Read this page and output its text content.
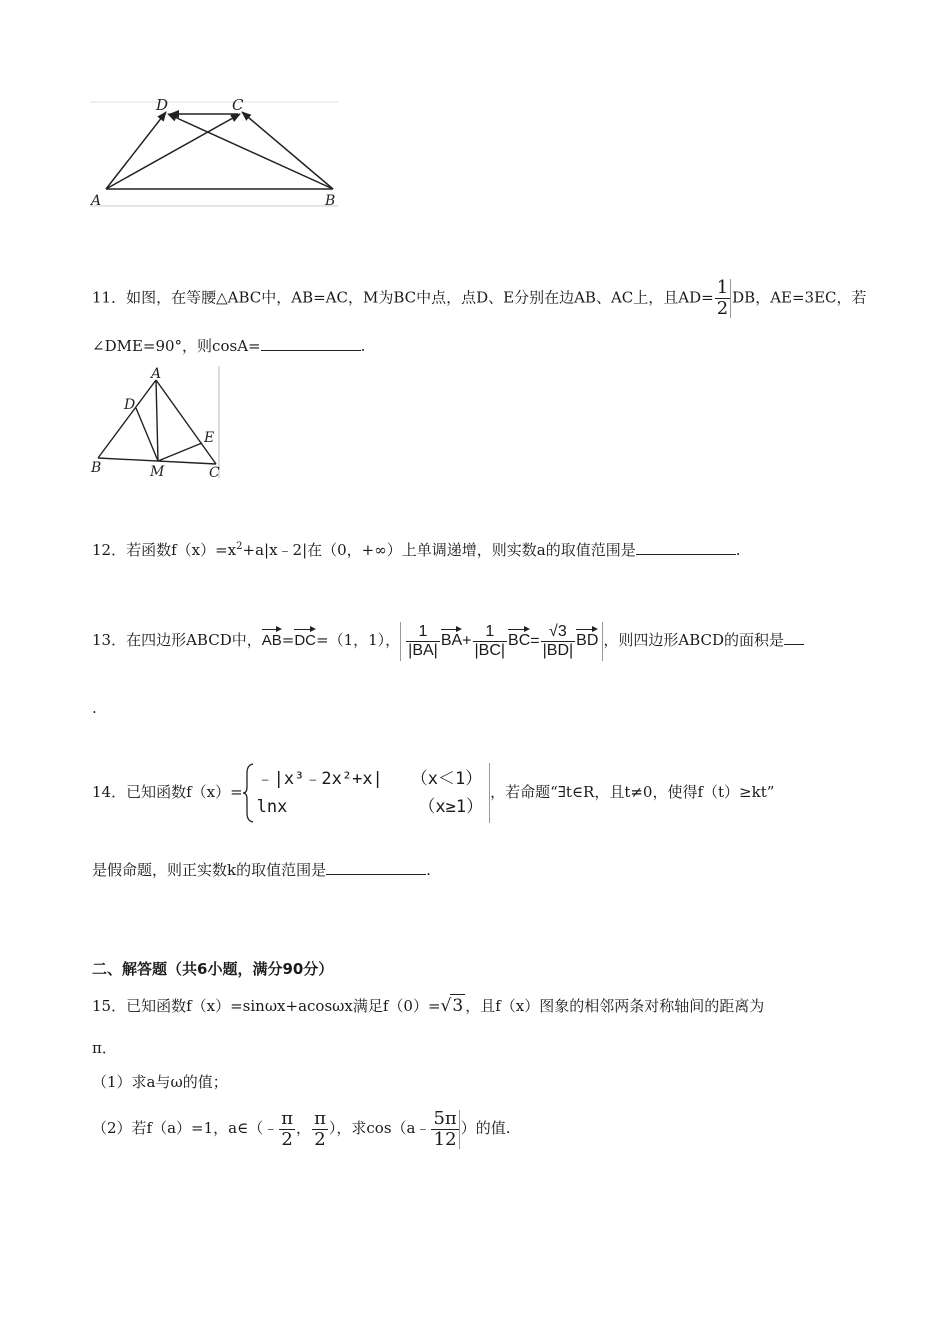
D	C
A	B
11．如图，在等腰△ABC中，AB=AC，M为BC中点，点D、E分别在边AB、AC上，且$AD= \frac{1}{2}$ DB，AE=3EC，若
∠DME=90°，则cosA=	.
A
D
E
B	M	C
12．若函数$f(x)=x^2+a|x﹣2|$在（0，+∞）上单调递增，则实数a的取值范围是	.
13．在四边形ABCD中，AB=DC=（1，1）， $\frac{1}{|BA|} BA+ \frac{1}{|BC|} BC= \frac{√3}{|BD|}$ BD ，则四边形ABCD的面积是
.
14．已知函数f（x）=
﹣|x³﹣2x²+x| （x＜1）
lnx	（x≥1）
，若命题“∃t∈R，且t≠0，使得f（t）≥kt”
是假命题，则正实数k的取值范围是	.
二、解答题（共6小题，满分90分）
15．已知函数f（x）=sinωx+acosωx满足f（0）=√3 ，且f（x）图象的相邻两条对称轴间的距离为
π．
（1）求a与ω的值；
（2）若f（a）=1，a∈（﹣ $\frac{\pi}{2}$ ， $\frac{\pi}{2}$ ），求cos（a﹣ $\frac{5\pi}{12}$ ）的值.
